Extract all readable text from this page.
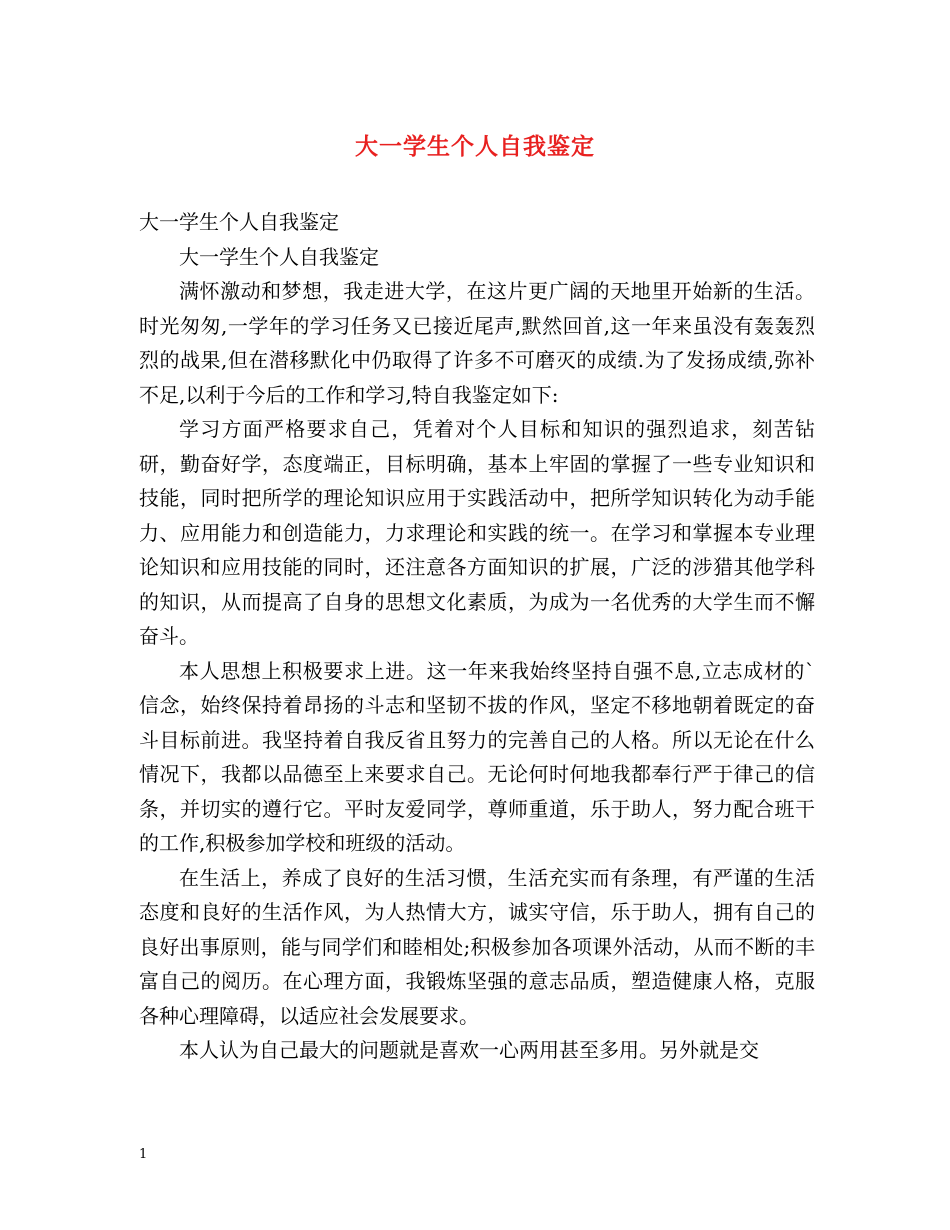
大一学生个人自我鉴定

大一学生个人自我鉴定

大一学生个人自我鉴定

满怀激动和梦想，我走进大学，在这片更广阔的天地里开始新的生活。 时光匆匆,一学年的学习任务又已接近尾声,默然回首,这一年来虽没有轰轰烈烈的战果,但在潜移默化中仍取得了许多不可磨灭的成绩.为了发扬成绩,弥补不足,以利于今后的工作和学习,特自我鉴定如下:

学习方面严格要求自己，凭着对个人目标和知识的强烈追求，刻苦钻研，勤奋好学，态度端正，目标明确，基本上牢固的掌握了一些专业知识和技能，同时把所学的理论知识应用于实践活动中，把所学知识转化为动手能力、应用能力和创造能力，力求理论和实践的统一。在学习和掌握本专业理论知识和应用技能的同时，还注意各方面知识的扩展，广泛的涉猎其他学科的知识，从而提高了自身的思想文化素质，为成为一名优秀的大学生而不懈奋斗。

本人思想上积极要求上进。这一年来我始终坚持自强不息,立志成材的`信念，始终保持着昂扬的斗志和坚韧不拔的作风，坚定不移地朝着既定的奋斗目标前进。我坚持着自我反省且努力的完善自己的人格。所以无论在什么情况下，我都以品德至上来要求自己。无论何时何地我都奉行严于律己的信条，并切实的遵行它。平时友爱同学，尊师重道，乐于助人，努力配合班干的工作,积极参加学校和班级的活动。

在生活上，养成了良好的生活习惯，生活充实而有条理，有严谨的生活态度和良好的生活作风，为人热情大方，诚实守信，乐于助人，拥有自己的良好出事原则，能与同学们和睦相处;积极参加各项课外活动，从而不断的丰富自己的阅历。在心理方面，我锻炼坚强的意志品质，塑造健康人格，克服各种心理障碍，以适应社会发展要求。

本人认为自己最大的问题就是喜欢一心两用甚至多用。另外就是交

1
